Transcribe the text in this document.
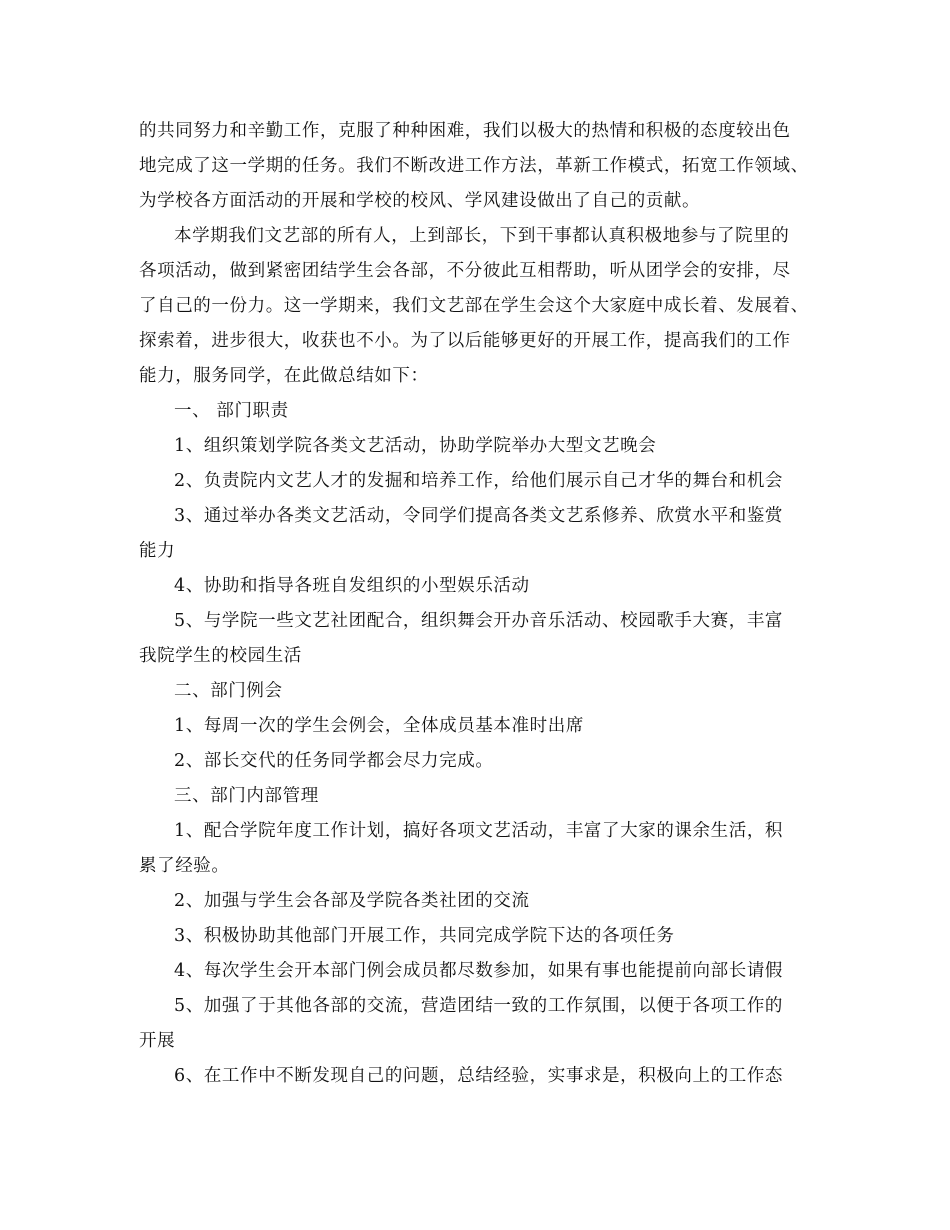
的共同努力和辛勤工作，克服了种种困难，我们以极大的热情和积极的态度较出色
地完成了这一学期的任务。我们不断改进工作方法，革新工作模式，拓宽工作领域、
为学校各方面活动的开展和学校的校风、学风建设做出了自己的贡献。
本学期我们文艺部的所有人，上到部长，下到干事都认真积极地参与了院里的
各项活动，做到紧密团结学生会各部，不分彼此互相帮助，听从团学会的安排，尽
了自己的一份力。这一学期来，我们文艺部在学生会这个大家庭中成长着、发展着、
探索着，进步很大，收获也不小。为了以后能够更好的开展工作，提高我们的工作
能力，服务同学，在此做总结如下：
一、 部门职责
1、组织策划学院各类文艺活动，协助学院举办大型文艺晚会
2、负责院内文艺人才的发掘和培养工作，给他们展示自己才华的舞台和机会
3、通过举办各类文艺活动，令同学们提高各类文艺系修养、欣赏水平和鉴赏
能力
4、协助和指导各班自发组织的小型娱乐活动
5、与学院一些文艺社团配合，组织舞会开办音乐活动、校园歌手大赛，丰富
我院学生的校园生活
二、部门例会
1、每周一次的学生会例会，全体成员基本准时出席
2、部长交代的任务同学都会尽力完成。
三、部门内部管理
1、配合学院年度工作计划，搞好各项文艺活动，丰富了大家的课余生活，积
累了经验。
2、加强与学生会各部及学院各类社团的交流
3、积极协助其他部门开展工作，共同完成学院下达的各项任务
4、每次学生会开本部门例会成员都尽数参加，如果有事也能提前向部长请假
5、加强了于其他各部的交流，营造团结一致的工作氛围，以便于各项工作的
开展
6、在工作中不断发现自己的问题，总结经验，实事求是，积极向上的工作态
